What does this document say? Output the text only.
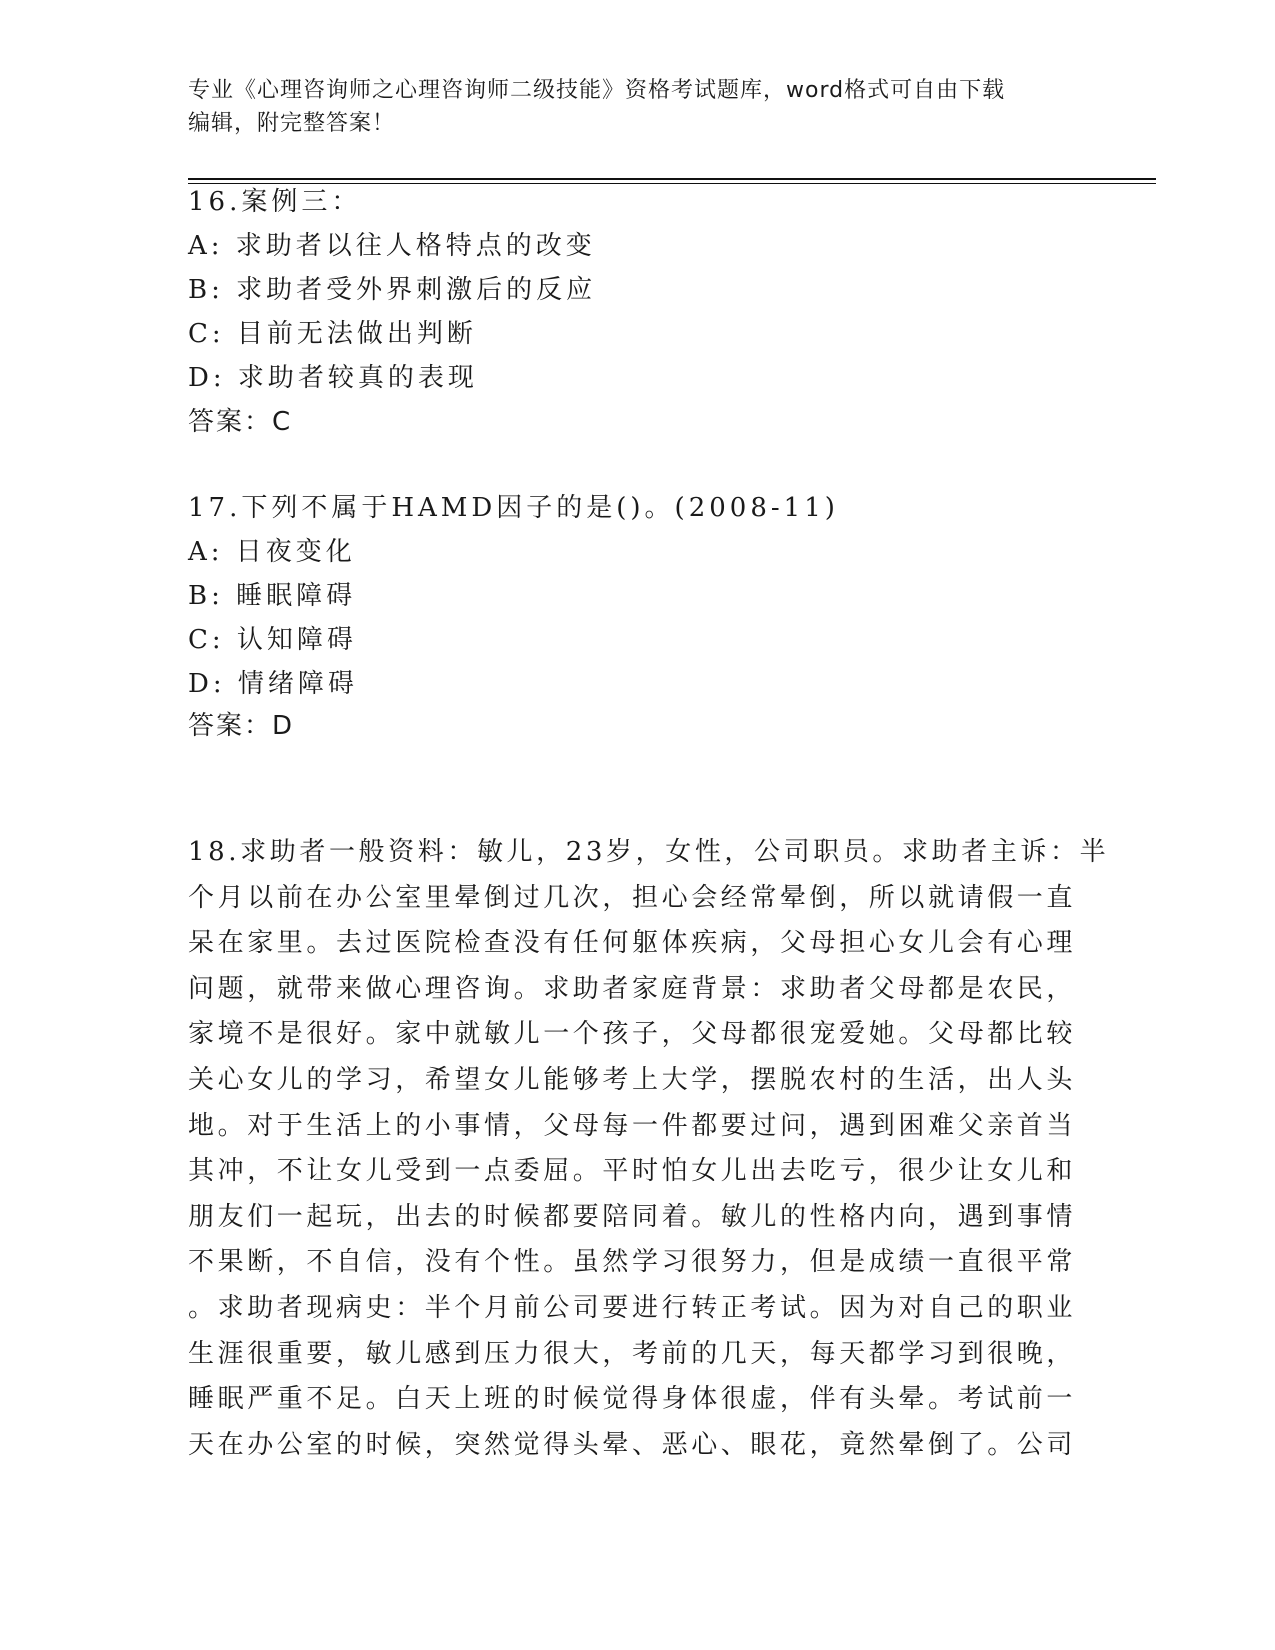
专业《心理咨询师之心理咨询师二级技能》资格考试题库，word格式可自由下载
编辑，附完整答案！
16.案例三：
A: 求助者以往人格特点的改变
B: 求助者受外界刺激后的反应
C: 目前无法做出判断
D: 求助者较真的表现
答案：C
17.下列不属于HAMD因子的是()。(2008-11)
A: 日夜变化
B: 睡眠障碍
C: 认知障碍
D: 情绪障碍
答案：D
18.求助者一般资料：敏儿，23岁，女性，公司职员。求助者主诉：半
个月以前在办公室里晕倒过几次，担心会经常晕倒，所以就请假一直
呆在家里。去过医院检查没有任何躯体疾病，父母担心女儿会有心理
问题，就带来做心理咨询。求助者家庭背景：求助者父母都是农民，
家境不是很好。家中就敏儿一个孩子，父母都很宠爱她。父母都比较
关心女儿的学习，希望女儿能够考上大学，摆脱农村的生活，出人头
地。对于生活上的小事情，父母每一件都要过问，遇到困难父亲首当
其冲，不让女儿受到一点委屈。平时怕女儿出去吃亏，很少让女儿和
朋友们一起玩，出去的时候都要陪同着。敏儿的性格内向，遇到事情
不果断，不自信，没有个性。虽然学习很努力，但是成绩一直很平常
。求助者现病史：半个月前公司要进行转正考试。因为对自己的职业
生涯很重要，敏儿感到压力很大，考前的几天，每天都学习到很晚，
睡眠严重不足。白天上班的时候觉得身体很虚，伴有头晕。考试前一
天在办公室的时候，突然觉得头晕、恶心、眼花，竟然晕倒了。公司
